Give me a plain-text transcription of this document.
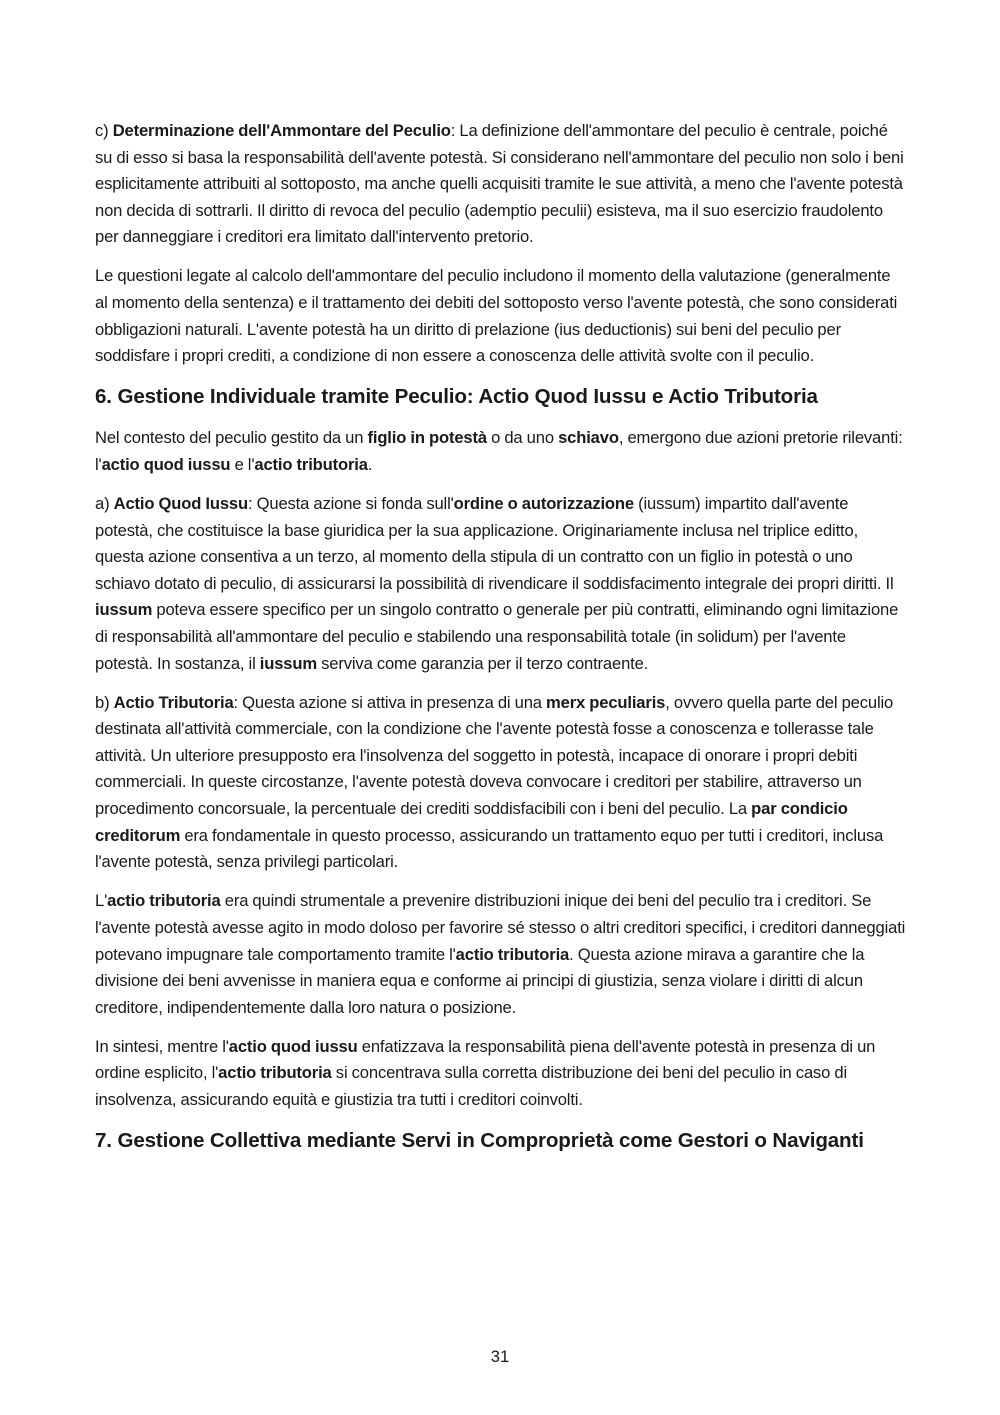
c) Determinazione dell'Ammontare del Peculio: La definizione dell'ammontare del peculio è centrale, poiché su di esso si basa la responsabilità dell'avente potestà. Si considerano nell'ammontare del peculio non solo i beni esplicitamente attribuiti al sottoposto, ma anche quelli acquisiti tramite le sue attività, a meno che l'avente potestà non decida di sottrarli. Il diritto di revoca del peculio (ademptio peculii) esisteva, ma il suo esercizio fraudolento per danneggiare i creditori era limitato dall'intervento pretorio.

Le questioni legate al calcolo dell'ammontare del peculio includono il momento della valutazione (generalmente al momento della sentenza) e il trattamento dei debiti del sottoposto verso l'avente potestà, che sono considerati obbligazioni naturali. L'avente potestà ha un diritto di prelazione (ius deductionis) sui beni del peculio per soddisfare i propri crediti, a condizione di non essere a conoscenza delle attività svolte con il peculio.

6. Gestione Individuale tramite Peculio: Actio Quod Iussu e Actio Tributoria

Nel contesto del peculio gestito da un figlio in potestà o da uno schiavo, emergono due azioni pretorie rilevanti: l'actio quod iussu e l'actio tributoria.

a) Actio Quod Iussu: Questa azione si fonda sull'ordine o autorizzazione (iussum) impartito dall'avente potestà, che costituisce la base giuridica per la sua applicazione. Originariamente inclusa nel triplice editto, questa azione consentiva a un terzo, al momento della stipula di un contratto con un figlio in potestà o uno schiavo dotato di peculio, di assicurarsi la possibilità di rivendicare il soddisfacimento integrale dei propri diritti. Il iussum poteva essere specifico per un singolo contratto o generale per più contratti, eliminando ogni limitazione di responsabilità all'ammontare del peculio e stabilendo una responsabilità totale (in solidum) per l'avente potestà. In sostanza, il iussum serviva come garanzia per il terzo contraente.

b) Actio Tributoria: Questa azione si attiva in presenza di una merx peculiaris, ovvero quella parte del peculio destinata all'attività commerciale, con la condizione che l'avente potestà fosse a conoscenza e tollerasse tale attività. Un ulteriore presupposto era l'insolvenza del soggetto in potestà, incapace di onorare i propri debiti commerciali. In queste circostanze, l'avente potestà doveva convocare i creditori per stabilire, attraverso un procedimento concorsuale, la percentuale dei crediti soddisfacibili con i beni del peculio. La par condicio creditorum era fondamentale in questo processo, assicurando un trattamento equo per tutti i creditori, inclusa l'avente potestà, senza privilegi particolari.

L'actio tributoria era quindi strumentale a prevenire distribuzioni inique dei beni del peculio tra i creditori. Se l'avente potestà avesse agito in modo doloso per favorire sé stesso o altri creditori specifici, i creditori danneggiati potevano impugnare tale comportamento tramite l'actio tributoria. Questa azione mirava a garantire che la divisione dei beni avvenisse in maniera equa e conforme ai principi di giustizia, senza violare i diritti di alcun creditore, indipendentemente dalla loro natura o posizione.

In sintesi, mentre l'actio quod iussu enfatizzava la responsabilità piena dell'avente potestà in presenza di un ordine esplicito, l'actio tributoria si concentrava sulla corretta distribuzione dei beni del peculio in caso di insolvenza, assicurando equità e giustizia tra tutti i creditori coinvolti.

7. Gestione Collettiva mediante Servi in Comproprietà come Gestori o Naviganti
31
